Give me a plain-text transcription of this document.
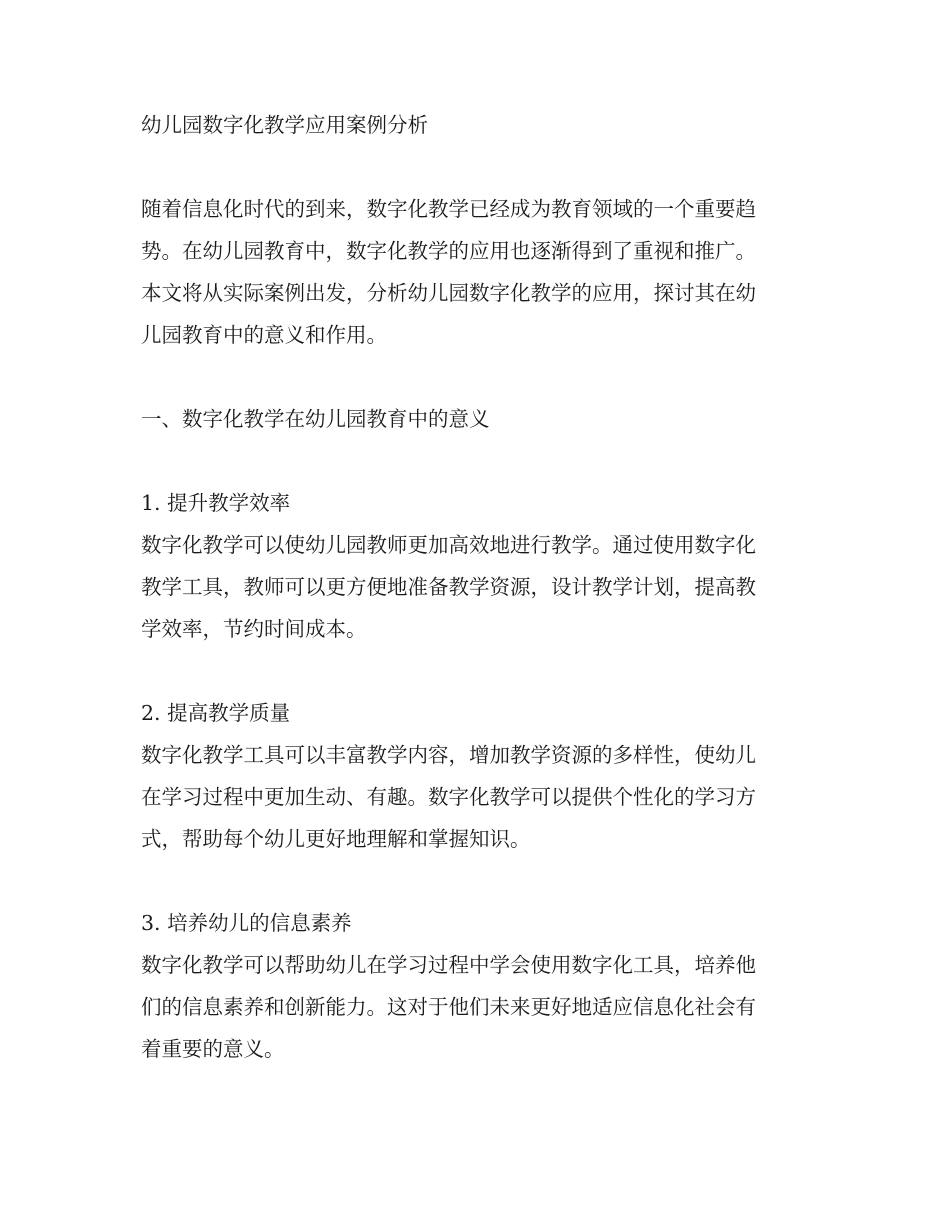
幼儿园数字化教学应用案例分析
随着信息化时代的到来，数字化教学已经成为教育领域的一个重要趋
势。在幼儿园教育中，数字化教学的应用也逐渐得到了重视和推广。
本文将从实际案例出发，分析幼儿园数字化教学的应用，探讨其在幼
儿园教育中的意义和作用。
一、数字化教学在幼儿园教育中的意义
1. 提升教学效率
数字化教学可以使幼儿园教师更加高效地进行教学。通过使用数字化
教学工具，教师可以更方便地准备教学资源，设计教学计划，提高教
学效率，节约时间成本。
2. 提高教学质量
数字化教学工具可以丰富教学内容，增加教学资源的多样性，使幼儿
在学习过程中更加生动、有趣。数字化教学可以提供个性化的学习方
式，帮助每个幼儿更好地理解和掌握知识。
3. 培养幼儿的信息素养
数字化教学可以帮助幼儿在学习过程中学会使用数字化工具，培养他
们的信息素养和创新能力。这对于他们未来更好地适应信息化社会有
着重要的意义。
